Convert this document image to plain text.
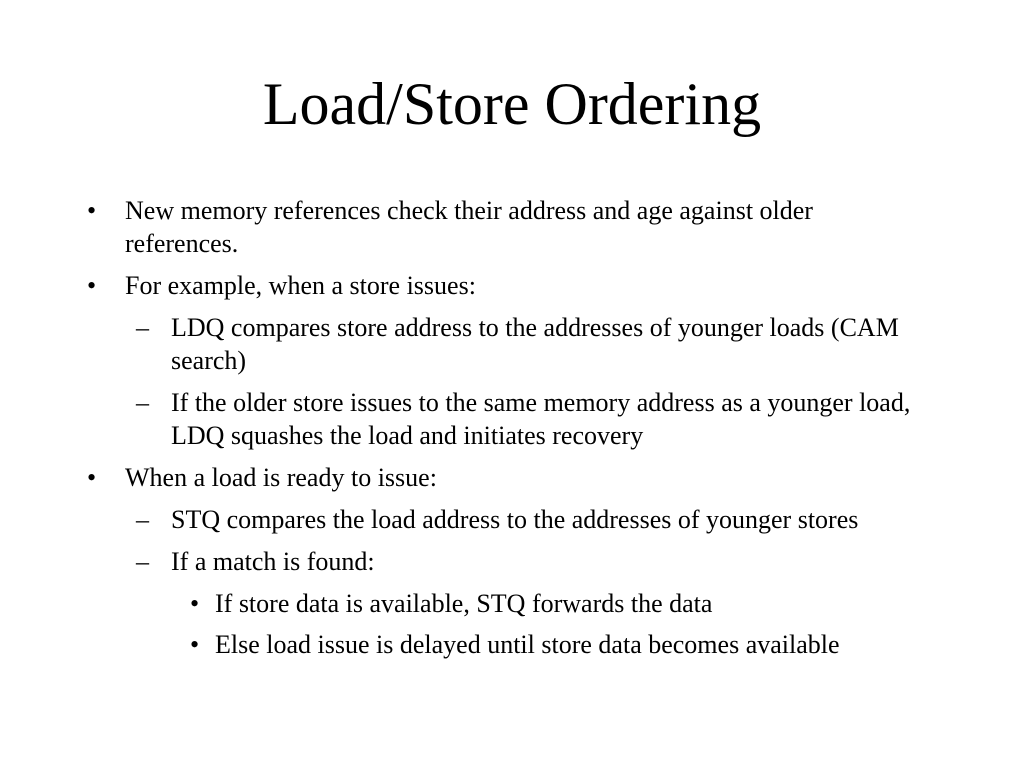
Load/Store Ordering

• New memory references check their address and age against older references.

• For example, when a store issues:

– LDQ compares store address to the addresses of younger loads (CAM search)

– If the older store issues to the same memory address as a younger load, LDQ squashes the load and initiates recovery

• When a load is ready to issue:

– STQ compares the load address to the addresses of younger stores

– If a match is found:

• If store data is available, STQ forwards the data

• Else load issue is delayed until store data becomes available
